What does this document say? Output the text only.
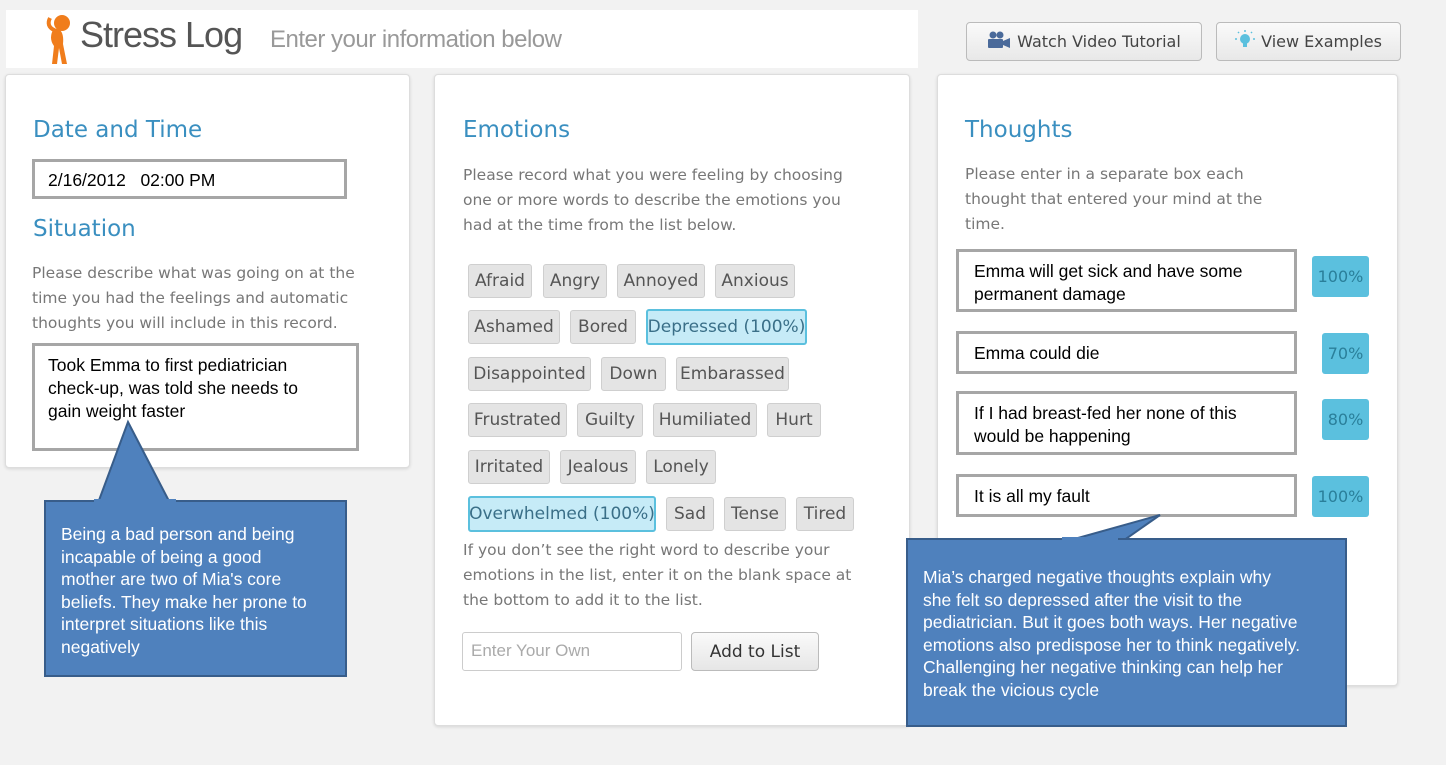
Stress Log Enter your information below	Watch Video Tutorial	View Examples
Date and Time
2/16/2012   02:00 PM
Situation
Please describe what was going on at the
time you had the feelings and automatic
thoughts you will include in this record.
Took Emma to first pediatrician
check-up, was told she needs to
gain weight faster
Emotions
Please record what you were feeling by choosing
one or more words to describe the emotions you
had at the time from the list below.
Afraid	Angry	Annoyed	Anxious
Ashamed	Bored	Depressed (100%)
Disappointed	Down	Embarassed
Frustrated	Guilty	Humiliated	Hurt
Irritated	Jealous	Lonely
Overwhelmed (100%)	Sad	Tense	Tired
If you don’t see the right word to describe your
emotions in the list, enter it on the blank space at
the bottom to add it to the list.
Enter Your Own	Add to List
Thoughts
Please enter in a separate box each
thought that entered your mind at the
time.
Emma will get sick and have some
permanent damage
100%
Emma could die	70%
If I had breast-fed her none of this
would be happening
80%
It is all my fault	100%
Being a bad person and being
incapable of being a good
mother are two of Mia's core
beliefs. They make her prone to
interpret situations like this
negatively
Mia’s charged negative thoughts explain why
she felt so depressed after the visit to the
pediatrician. But it goes both ways. Her negative
emotions also predispose her to think negatively.
Challenging her negative thinking can help her
break the vicious cycle
